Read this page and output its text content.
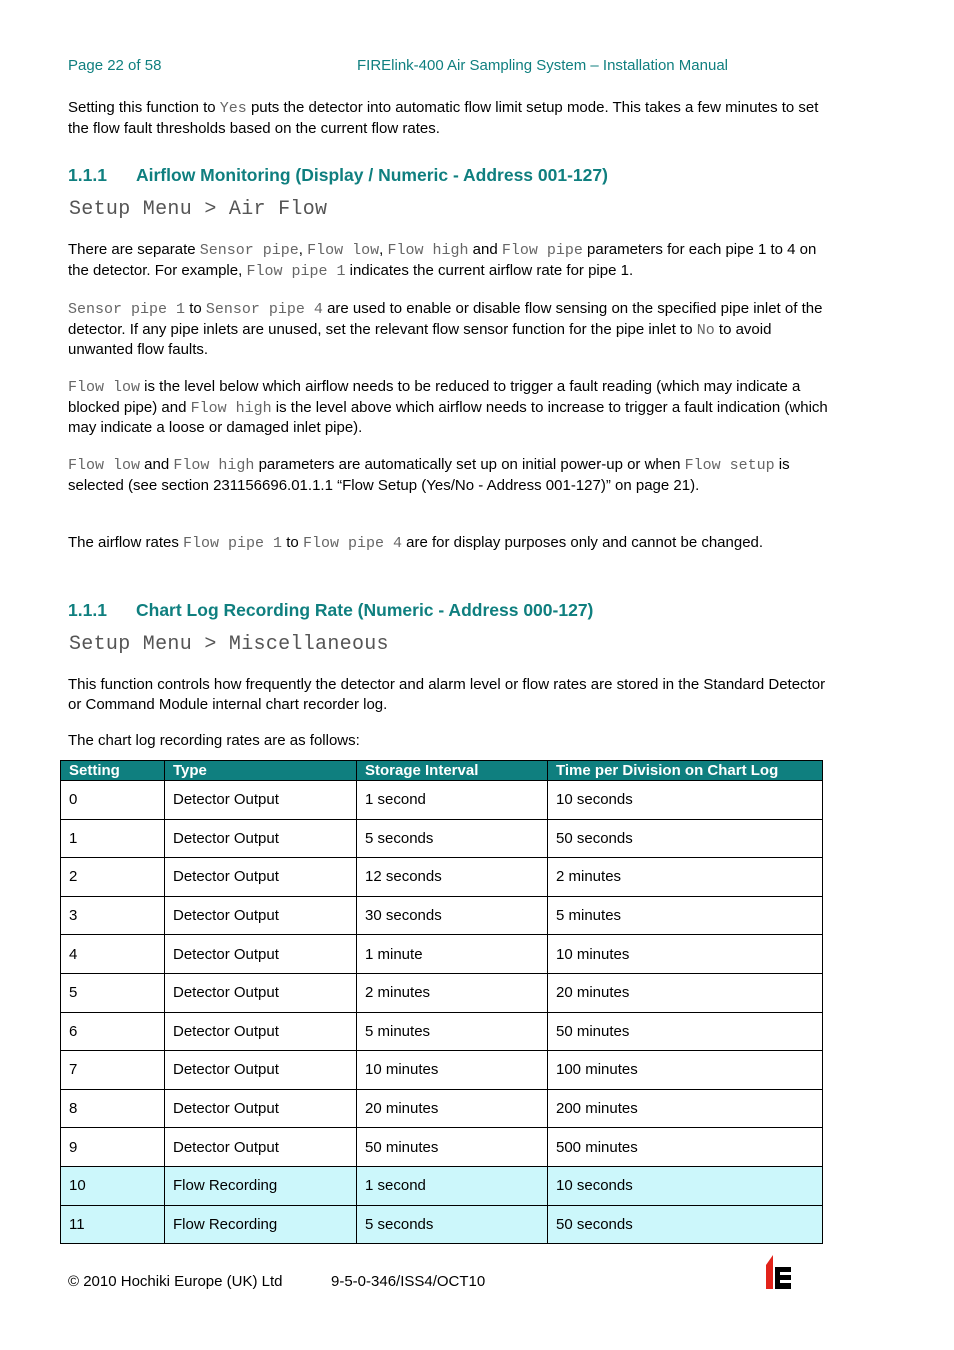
Page 22 of 58	FIRElink-400 Air Sampling System – Installation Manual

Setting this function to Yes puts the detector into automatic flow limit setup mode. This takes a few minutes to set the flow fault thresholds based on the current flow rates.

1.1.1 Airflow Monitoring (Display / Numeric - Address 001-127)
Setup Menu > Air Flow

There are separate Sensor pipe, Flow low, Flow high and Flow pipe parameters for each pipe 1 to 4 on the detector. For example, Flow pipe 1 indicates the current airflow rate for pipe 1.

Sensor pipe 1 to Sensor pipe 4 are used to enable or disable flow sensing on the specified pipe inlet of the detector. If any pipe inlets are unused, set the relevant flow sensor function for the pipe inlet to No to avoid unwanted flow faults.

Flow low is the level below which airflow needs to be reduced to trigger a fault reading (which may indicate a blocked pipe) and Flow high is the level above which airflow needs to increase to trigger a fault indication (which may indicate a loose or damaged inlet pipe).

Flow low and Flow high parameters are automatically set up on initial power-up or when Flow setup is selected (see section 231156696.01.1.1 “Flow Setup (Yes/No - Address 001-127)” on page 21).

The airflow rates Flow pipe 1 to Flow pipe 4 are for display purposes only and cannot be changed.

1.1.1 Chart Log Recording Rate (Numeric - Address 000-127)
Setup Menu > Miscellaneous

This function controls how frequently the detector and alarm level or flow rates are stored in the Standard Detector or Command Module internal chart recorder log.

The chart log recording rates are as follows:

Setting	Type	Storage Interval	Time per Division on Chart Log
0	Detector Output	1 second	10 seconds
1	Detector Output	5 seconds	50 seconds
2	Detector Output	12 seconds	2 minutes
3	Detector Output	30 seconds	5 minutes
4	Detector Output	1 minute	10 minutes
5	Detector Output	2 minutes	20 minutes
6	Detector Output	5 minutes	50 minutes
7	Detector Output	10 minutes	100 minutes
8	Detector Output	20 minutes	200 minutes
9	Detector Output	50 minutes	500 minutes
10	Flow Recording	1 second	10 seconds
11	Flow Recording	5 seconds	50 seconds
© 2010 Hochiki Europe (UK) Ltd	9-5-0-346/ISS4/OCT10
